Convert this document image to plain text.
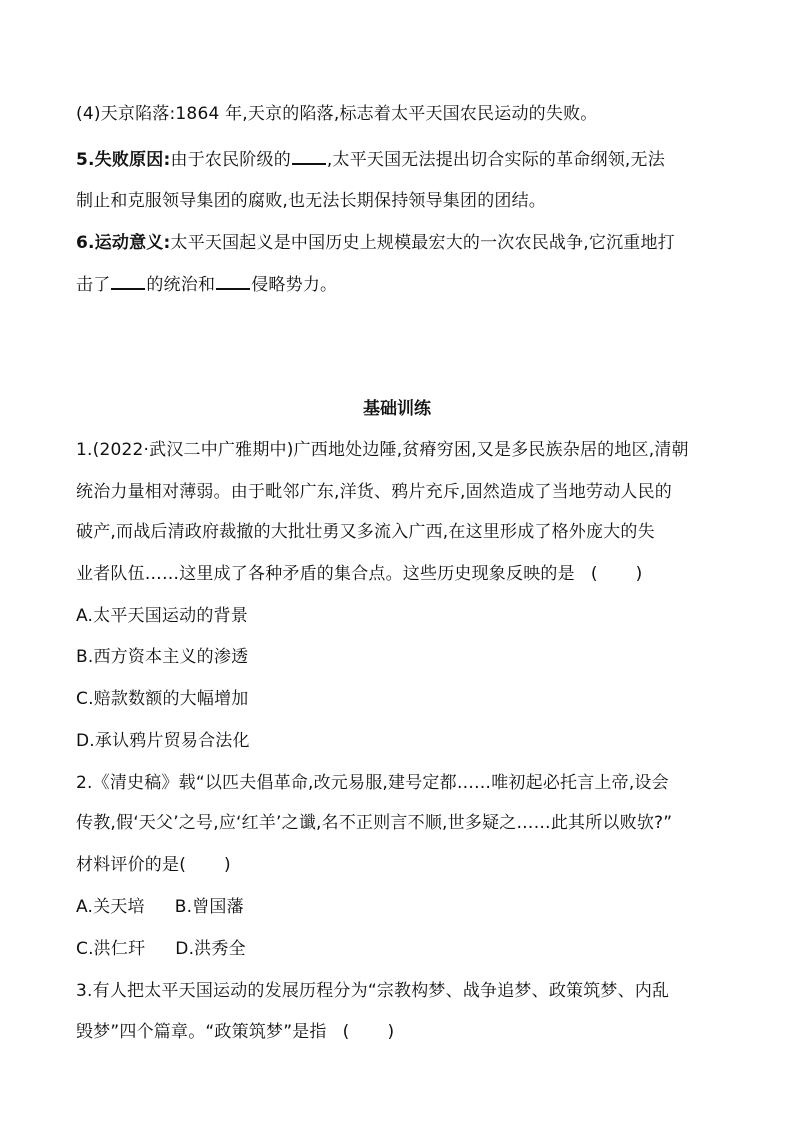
(4)天京陷落:1864 年,天京的陷落,标志着太平天国农民运动的失败。
5.失败原因:由于农民阶级的 ,太平天国无法提出切合实际的革命纲领,无法
制止和克服领导集团的腐败,也无法长期保持领导集团的团结。
6.运动意义:太平天国起义是中国历史上规模最宏大的一次农民战争,它沉重地打
击了 的统治和 侵略势力。
基础训练
1.(2022·武汉二中广雅期中)广西地处边陲,贫瘠穷困,又是多民族杂居的地区,清朝
统治力量相对薄弱。由于毗邻广东,洋货、鸦片充斥,固然造成了当地劳动人民的
破产,而战后清政府裁撤的大批壮勇又多流入广西,在这里形成了格外庞大的失
业者队伍……这里成了各种矛盾的集合点。这些历史现象反映的是 ( )
A.太平天国运动的背景
B.西方资本主义的渗透
C.赔款数额的大幅增加
D.承认鸦片贸易合法化
2.《清史稿》载“以匹夫倡革命,改元易服,建号定都……唯初起必托言上帝,设会
传教,假‘天父’之号,应‘红羊’之谶,名不正则言不顺,世多疑之……此其所以败欤?”
材料评价的是( )
A.关天培 B.曾国藩
C.洪仁玕 D.洪秀全
3.有人把太平天国运动的发展历程分为“宗教构梦、战争追梦、政策筑梦、内乱
毁梦”四个篇章。“政策筑梦”是指 ( )
